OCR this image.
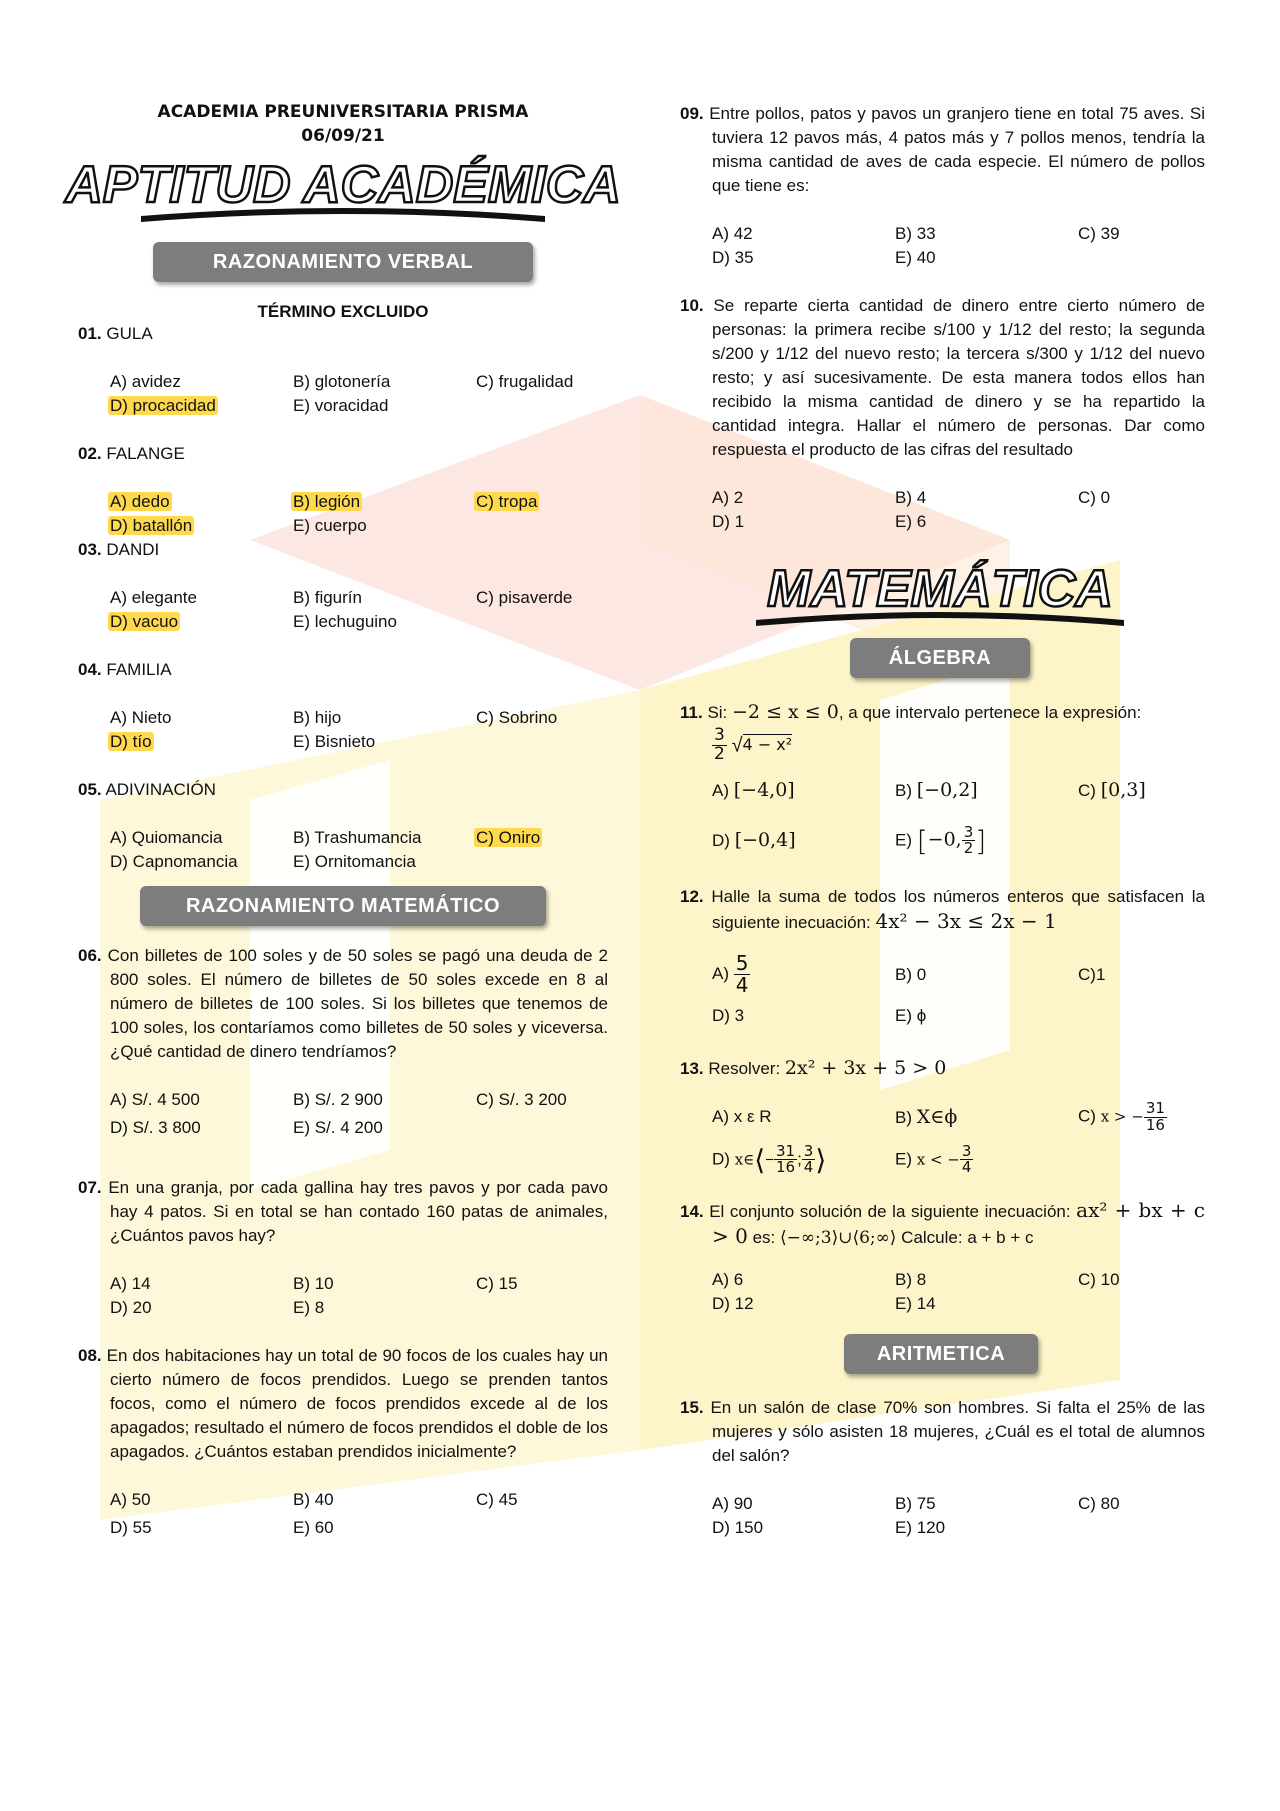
ACADEMIA PREUNIVERSITARIA PRISMA
06/09/21
APTITUD ACADÉMICA
RAZONAMIENTO VERBAL
TÉRMINO EXCLUIDO
01. GULA
A) avidez	B) glotonería	C) frugalidad
D) procacidad	E) voracidad
02. FALANGE
A) dedo	B) legión	C) tropa
D) batallón	E) cuerpo
03. DANDI
A) elegante	B) figurín	C) pisaverde
D) vacuo	E) lechuguino
04. FAMILIA
A) Nieto	B) hijo	C) Sobrino
D) tío	E) Bisnieto
05. ADIVINACIÓN
A) Quiomancia	B) Trashumancia	C) Oniro
D) Capnomancia	E) Ornitomancia
RAZONAMIENTO MATEMÁTICO
06. Con billetes de 100 soles y de 50 soles se pagó una deuda de 2 800 soles. El número de billetes de 50 soles excede en 8 al número de billetes de 100 soles. Si los billetes que tenemos de 100 soles, los contaríamos como billetes de 50 soles y viceversa. ¿Qué cantidad de dinero tendríamos?
A) S/. 4 500	B) S/. 2 900	C) S/. 3 200
D) S/. 3 800	E) S/. 4 200
07. En una granja, por cada gallina hay tres pavos y por cada pavo hay 4 patos. Si en total se han contado 160 patas de animales, ¿Cuántos pavos hay?
A) 14	B) 10	C) 15
D) 20	E) 8
08. En dos habitaciones hay un total de 90 focos de los cuales hay un cierto número de focos prendidos. Luego se prenden tantos focos, como el número de focos prendidos excede al de los apagados; resultado el número de focos prendidos el doble de los apagados. ¿Cuántos estaban prendidos inicialmente?
A) 50	B) 40	C) 45
D) 55	E) 60
09. Entre pollos, patos y pavos un granjero tiene en total 75 aves. Si tuviera 12 pavos más, 4 patos más y 7 pollos menos, tendría la misma cantidad de aves de cada especie. El número de pollos que tiene es:
A) 42	B) 33	C) 39
D) 35	E) 40
10. Se reparte cierta cantidad de dinero entre cierto número de personas: la primera recibe s/100 y 1/12 del resto; la segunda s/200 y 1/12 del nuevo resto; la tercera s/300 y 1/12 del nuevo resto; y así sucesivamente. De esta manera todos ellos han recibido la misma cantidad de dinero y se ha repartido la cantidad integra. Hallar el número de personas. Dar como respuesta el producto de las cifras del resultado
A) 2	B) 4	C) 0
D) 1	E) 6
MATEMÁTICA
ÁLGEBRA
11. Si: −2 ≤ x ≤ 0, a que intervalo pertenece la expresión:
$\frac{3}{2} √4 - x^2$
A) [−4,0]	B) [−0,2]	C) [0,3]
D) [−0,4]	E) [−0, $\frac{3}{2}$ ]
12. Halle la suma de todos los números enteros que satisfacen la siguiente inecuación: 4x² − 3x ≤ 2x − 1
$A) \frac{5}{4}$	B) 0	C)1
D) 3	E) ϕ
13. Resolver: 2x² + 3x + 5 > 0
A) x ε R	B) X∈ϕ	C) x > − $\frac{31}{16}$
D) x∈⟨− $\frac{31}{16}$ ; $\frac{3}{4}$ ⟩	E) x < − $\frac{3}{4}$
14. El conjunto solución de la siguiente inecuación: ax² + bx + c > 0 es: ⟨−∞;3⟩∪⟨6;∞⟩ Calcule: a + b + c
A) 6	B) 8	C) 10
D) 12	E) 14
ARITMETICA
15. En un salón de clase 70% son hombres. Si falta el 25% de las mujeres y sólo asisten 18 mujeres, ¿Cuál es el total de alumnos del salón?
A) 90	B) 75	C) 80
D) 150	E) 120
